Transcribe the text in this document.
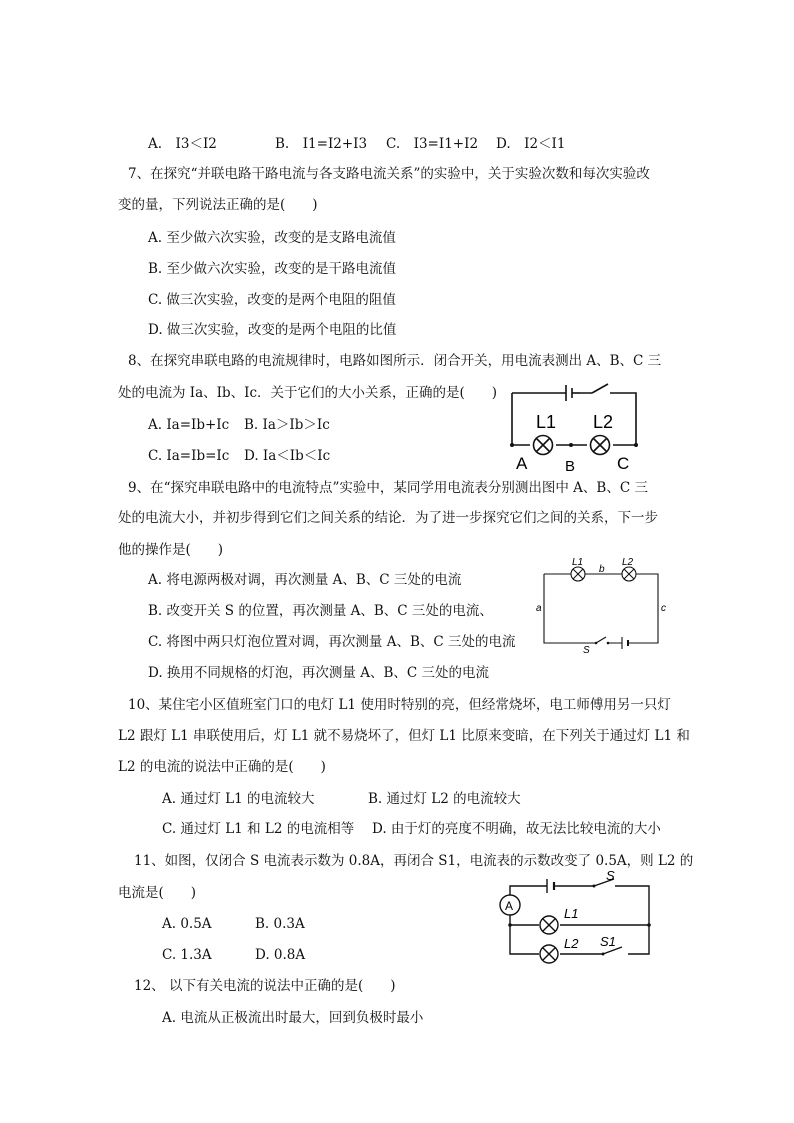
A.　I3＜I2	B.　I1=I2+I3 C.　I3=I1+I2 D.　I2＜I1
7、在探究“并联电路干路电流与各支路电流关系”的实验中，关于实验次数和每次实验改
变的量，下列说法正确的是(　　)
A. 至少做六次实验，改变的是支路电流值
B. 至少做六次实验，改变的是干路电流值
C. 做三次实验，改变的是两个电阻的阻值
D. 做三次实验，改变的是两个电阻的比值
8、在探究串联电路的电流规律时，电路如图所示．闭合开关，用电流表测出 A、B、C 三
处的电流为 Ia、Ib、Ic．关于它们的大小关系，正确的是(　　)
A. Ia=Ib+Ic B. Ia＞Ib＞Ic
C. Ia=Ib=Ic D. Ia＜Ib＜Ic
L1 L2
A	B C
9、在“探究串联电路中的电流特点”实验中，某同学用电流表分别测出图中 A、B、C 三
处的电流大小，并初步得到它们之间关系的结论．为了进一步探究它们之间的关系，下一步
他的操作是(　　)
A. 将电源两极对调，再次测量 A、B、C 三处的电流
B. 改变开关 S 的位置，再次测量 A、B、C 三处的电流、
C. 将图中两只灯泡位置对调，再次测量 A、B、C 三处的电流
D. 换用不同规格的灯泡，再次测量 A、B、C 三处的电流
L1	L2
b
a	c
S
10、某住宅小区值班室门口的电灯 L1 使用时特别的亮，但经常烧坏，电工师傅用另一只灯
L2 跟灯 L1 串联使用后，灯 L1 就不易烧坏了，但灯 L1 比原来变暗，在下列关于通过灯 L1 和
L2 的电流的说法中正确的是(　　)
A. 通过灯 L1 的电流较大	B. 通过灯 L2 的电流较大
C. 通过灯 L1 和 L2 的电流相等 D. 由于灯的亮度不明确，故无法比较电流的大小
11、如图，仅闭合 S 电流表示数为 0.8A，再闭合 S1，电流表的示数改变了 0.5A，则 L2 的
电流是(　　)
A. 0.5A	B. 0.3A
C. 1.3A	D. 0.8A
A
S
L1
L2 S1
12、 以下有关电流的说法中正确的是(　　)
A. 电流从正极流出时最大，回到负极时最小
